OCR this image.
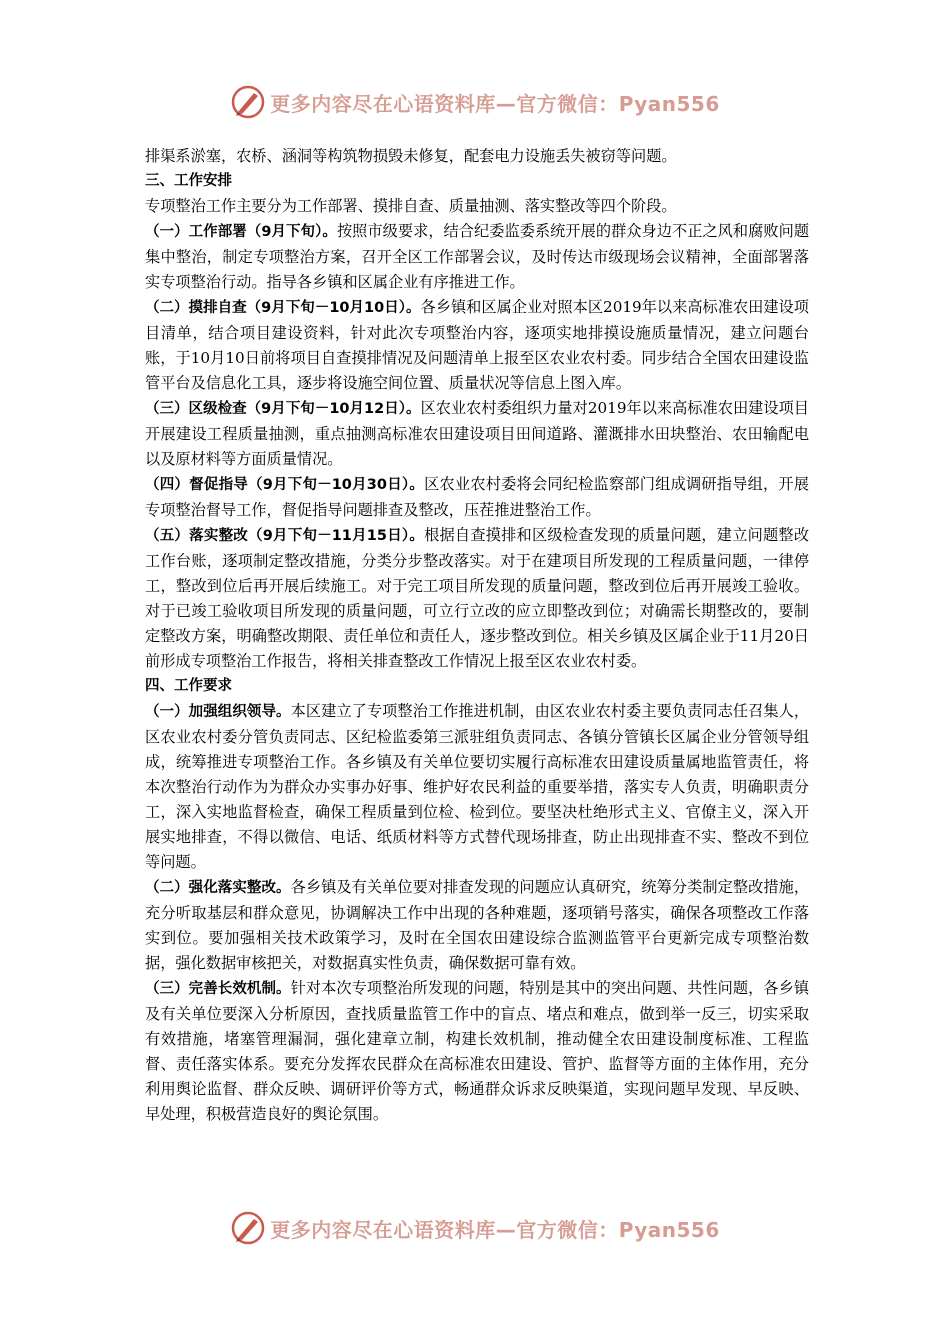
更多内容尽在心语资料库—官方微信：Pyan556

排渠系淤塞，农桥、涵洞等构筑物损毁未修复，配套电力设施丢失被窃等问题。

三、工作安排

专项整治工作主要分为工作部署、摸排自查、质量抽测、落实整改等四个阶段。

（一）工作部署（9月下旬）。按照市级要求，结合纪委监委系统开展的群众身边不正之风和腐败问题集中整治，制定专项整治方案，召开全区工作部署会议，及时传达市级现场会议精神，全面部署落实专项整治行动。指导各乡镇和区属企业有序推进工作。

（二）摸排自查（9月下旬－10月10日）。各乡镇和区属企业对照本区2019年以来高标准农田建设项目清单，结合项目建设资料，针对此次专项整治内容，逐项实地排摸设施质量情况，建立问题台账，于10月10日前将项目自查摸排情况及问题清单上报至区农业农村委。同步结合全国农田建设监管平台及信息化工具，逐步将设施空间位置、质量状况等信息上图入库。

（三）区级检查（9月下旬－10月12日）。区农业农村委组织力量对2019年以来高标准农田建设项目开展建设工程质量抽测，重点抽测高标准农田建设项目田间道路、灌溉排水田块整治、农田输配电以及原材料等方面质量情况。

（四）督促指导（9月下旬－10月30日）。区农业农村委将会同纪检监察部门组成调研指导组，开展专项整治督导工作，督促指导问题排查及整改，压茬推进整治工作。

（五）落实整改（9月下旬－11月15日）。根据自查摸排和区级检查发现的质量问题，建立问题整改工作台账，逐项制定整改措施，分类分步整改落实。对于在建项目所发现的工程质量问题，一律停工，整改到位后再开展后续施工。对于完工项目所发现的质量问题，整改到位后再开展竣工验收。对于已竣工验收项目所发现的质量问题，可立行立改的应立即整改到位；对确需长期整改的，要制定整改方案，明确整改期限、责任单位和责任人，逐步整改到位。相关乡镇及区属企业于11月20日前形成专项整治工作报告，将相关排查整改工作情况上报至区农业农村委。

四、工作要求

（一）加强组织领导。本区建立了专项整治工作推进机制，由区农业农村委主要负责同志任召集人，区农业农村委分管负责同志、区纪检监委第三派驻组负责同志、各镇分管镇长区属企业分管领导组成，统筹推进专项整治工作。各乡镇及有关单位要切实履行高标准农田建设质量属地监管责任，将本次整治行动作为为群众办实事办好事、维护好农民利益的重要举措，落实专人负责，明确职责分工，深入实地监督检查，确保工程质量到位检、检到位。要坚决杜绝形式主义、官僚主义，深入开展实地排查，不得以微信、电话、纸质材料等方式替代现场排查，防止出现排查不实、整改不到位等问题。

（二）强化落实整改。各乡镇及有关单位要对排查发现的问题应认真研究，统筹分类制定整改措施，充分听取基层和群众意见，协调解决工作中出现的各种难题，逐项销号落实，确保各项整改工作落实到位。要加强相关技术政策学习，及时在全国农田建设综合监测监管平台更新完成专项整治数据，强化数据审核把关，对数据真实性负责，确保数据可靠有效。

（三）完善长效机制。针对本次专项整治所发现的问题，特别是其中的突出问题、共性问题，各乡镇及有关单位要深入分析原因，查找质量监管工作中的盲点、堵点和难点，做到举一反三，切实采取有效措施，堵塞管理漏洞，强化建章立制，构建长效机制，推动健全农田建设制度标准、工程监督、责任落实体系。要充分发挥农民群众在高标准农田建设、管护、监督等方面的主体作用，充分利用舆论监督、群众反映、调研评价等方式，畅通群众诉求反映渠道，实现问题早发现、早反映、早处理，积极营造良好的舆论氛围。

更多内容尽在心语资料库—官方微信：Pyan556
